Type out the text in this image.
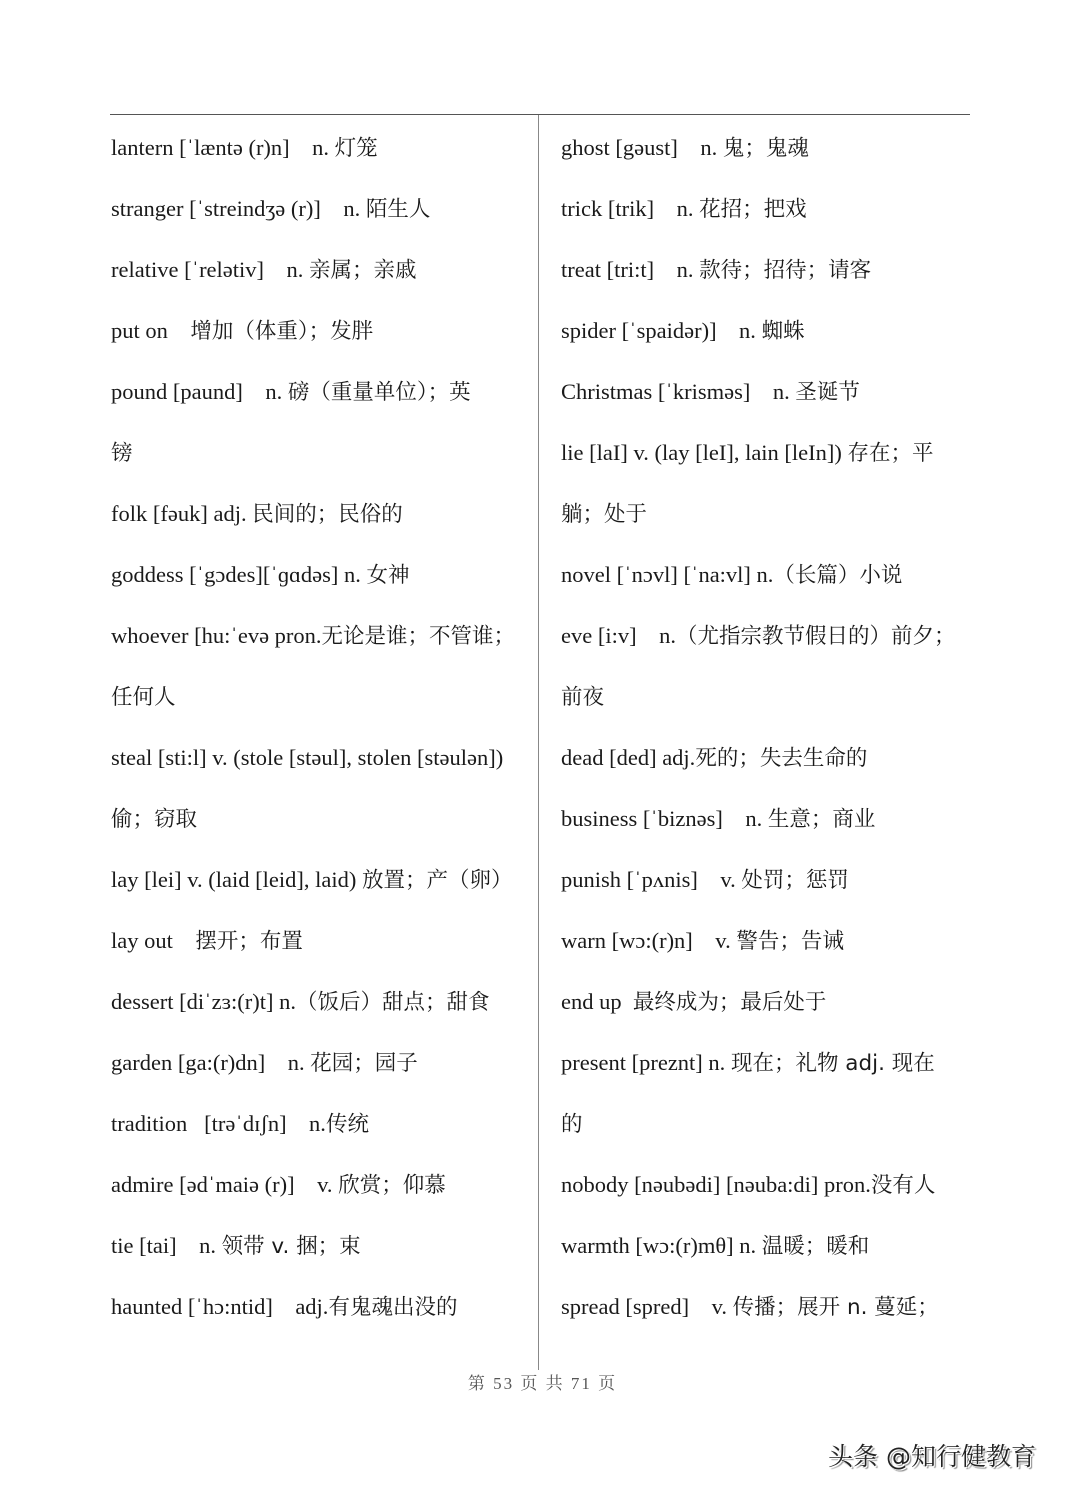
lantern [ˈlæntə (r)n]    n. 灯笼
stranger [ˈstreindʒə (r)]    n. 陌生人
relative [ˈrelətiv]    n. 亲属；亲戚
put on    增加（体重）；发胖
pound [paund]    n. 磅（重量单位）；英
镑
folk [fəuk] adj. 民间的；民俗的
goddess [ˈgɔdes][ˈɡɑdəs] n. 女神
whoever [hu:ˈevə pron.无论是谁；不管谁；
任何人
steal [sti:l] v. (stole [stəul], stolen [stəulən])
偷；窃取
lay [lei] v. (laid [leid], laid) 放置；产（卵）
lay out    摆开；布置
dessert [diˈzɜ:(r)t] n.（饭后）甜点；甜食
garden [ga:(r)dn]    n. 花园；园子
tradition   [trəˈdɪʃn]    n.传统
admire [ədˈmaiə (r)]    v. 欣赏；仰慕
tie [tai]    n. 领带 v. 捆；束
haunted [ˈhɔ:ntid]    adj.有鬼魂出没的
ghost [gəust]    n. 鬼；鬼魂
trick [trik]    n. 花招；把戏
treat [tri:t]    n. 款待；招待；请客
spider [ˈspaidər)]    n. 蜘蛛
Christmas [ˈkrisməs]    n. 圣诞节
lie [laI] v. (lay [leI], lain [leIn]) 存在；平
躺；处于
novel [ˈnɔvl] [ˈna:vl] n.（长篇）小说
eve [i:v]    n.（尤指宗教节假日的）前夕；
前夜
dead [ded] adj.死的；失去生命的
business [ˈbiznəs]    n. 生意；商业
punish [ˈpʌnis]    v. 处罚；惩罚
warn [wɔ:(r)n]    v. 警告；告诫
end up  最终成为；最后处于
present [preznt] n. 现在；礼物 adj. 现在
的
nobody [nəubədi] [nəuba:di] pron.没有人
warmth [wɔ:(r)mθ] n. 温暖；暖和
spread [spred]    v. 传播；展开 n. 蔓延；
第 53 页 共 71 页
头条 @知行健教育
